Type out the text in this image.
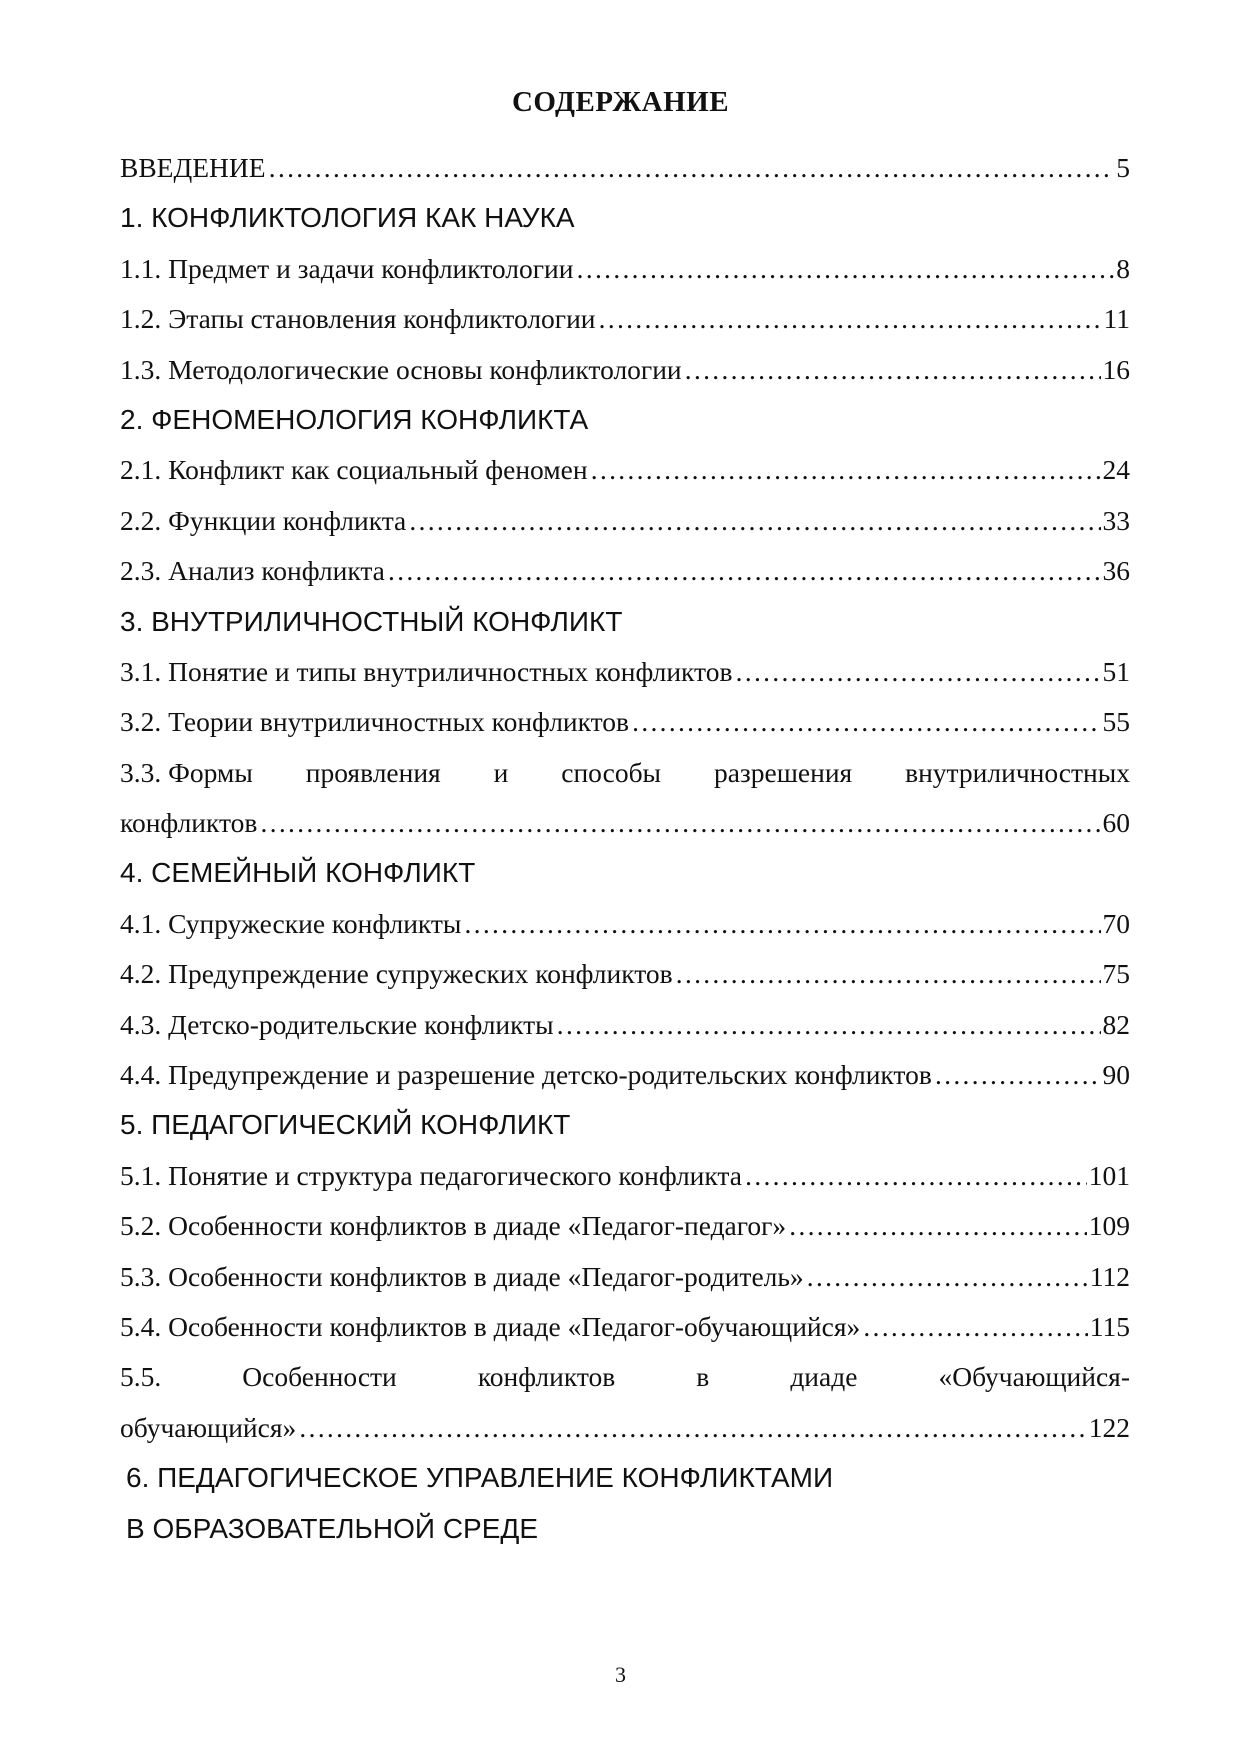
СОДЕРЖАНИЕ
ВВЕДЕНИЕ …………………………………………………………………………………………………………………………………………………………	5
1. КОНФЛИКТОЛОГИЯ КАК НАУКА
1.1. Предмет и задачи конфликтологии …………………………………………………………………………………………………………………………………………………………	8
1.2. Этапы становления конфликтологии …………………………………………………………………………………………………………………………………………………………	11
1.3. Методологические основы конфликтологии …………………………………………………………………………………………………………………………………………………………	16
2. ФЕНОМЕНОЛОГИЯ КОНФЛИКТА
2.1. Конфликт как социальный феномен …………………………………………………………………………………………………………………………………………………………	24
2.2. Функции конфликта …………………………………………………………………………………………………………………………………………………………	33
2.3. Анализ конфликта …………………………………………………………………………………………………………………………………………………………	36
3. ВНУТРИЛИЧНОСТНЫЙ КОНФЛИКТ
3.1. Понятие и типы внутриличностных конфликтов …………………………………………………………………………………………………………………………………………………………	51
3.2. Теории внутриличностных конфликтов …………………………………………………………………………………………………………………………………………………………	55
3.3. Формы проявления и способы разрешения внутриличностных
конфликтов …………………………………………………………………………………………………………………………………………………………	60
4. СЕМЕЙНЫЙ КОНФЛИКТ
4.1. Супружеские конфликты …………………………………………………………………………………………………………………………………………………………	70
4.2. Предупреждение супружеских конфликтов …………………………………………………………………………………………………………………………………………………………	75
4.3. Детско-родительские конфликты …………………………………………………………………………………………………………………………………………………………	82
4.4. Предупреждение и разрешение детско-родительских конфликтов …………………………………………………………………………………………………………………………………………………………	90
5. ПЕДАГОГИЧЕСКИЙ КОНФЛИКТ
5.1. Понятие и структура педагогического конфликта …………………………………………………………………………………………………………………………………………………………	101
5.2. Особенности конфликтов в диаде «Педагог-педагог» …………………………………………………………………………………………………………………………………………………………	109
5.3. Особенности конфликтов в диаде «Педагог-родитель» …………………………………………………………………………………………………………………………………………………………	112
5.4. Особенности конфликтов в диаде «Педагог-обучающийся» …………………………………………………………………………………………………………………………………………………………	115
5.5.	Особенности	конфликтов	в	диаде	«Обучающийся-
обучающийся» …………………………………………………………………………………………………………………………………………………………	122
6. ПЕДАГОГИЧЕСКОЕ УПРАВЛЕНИЕ КОНФЛИКТАМИ
В ОБРАЗОВАТЕЛЬНОЙ СРЕДЕ
3
